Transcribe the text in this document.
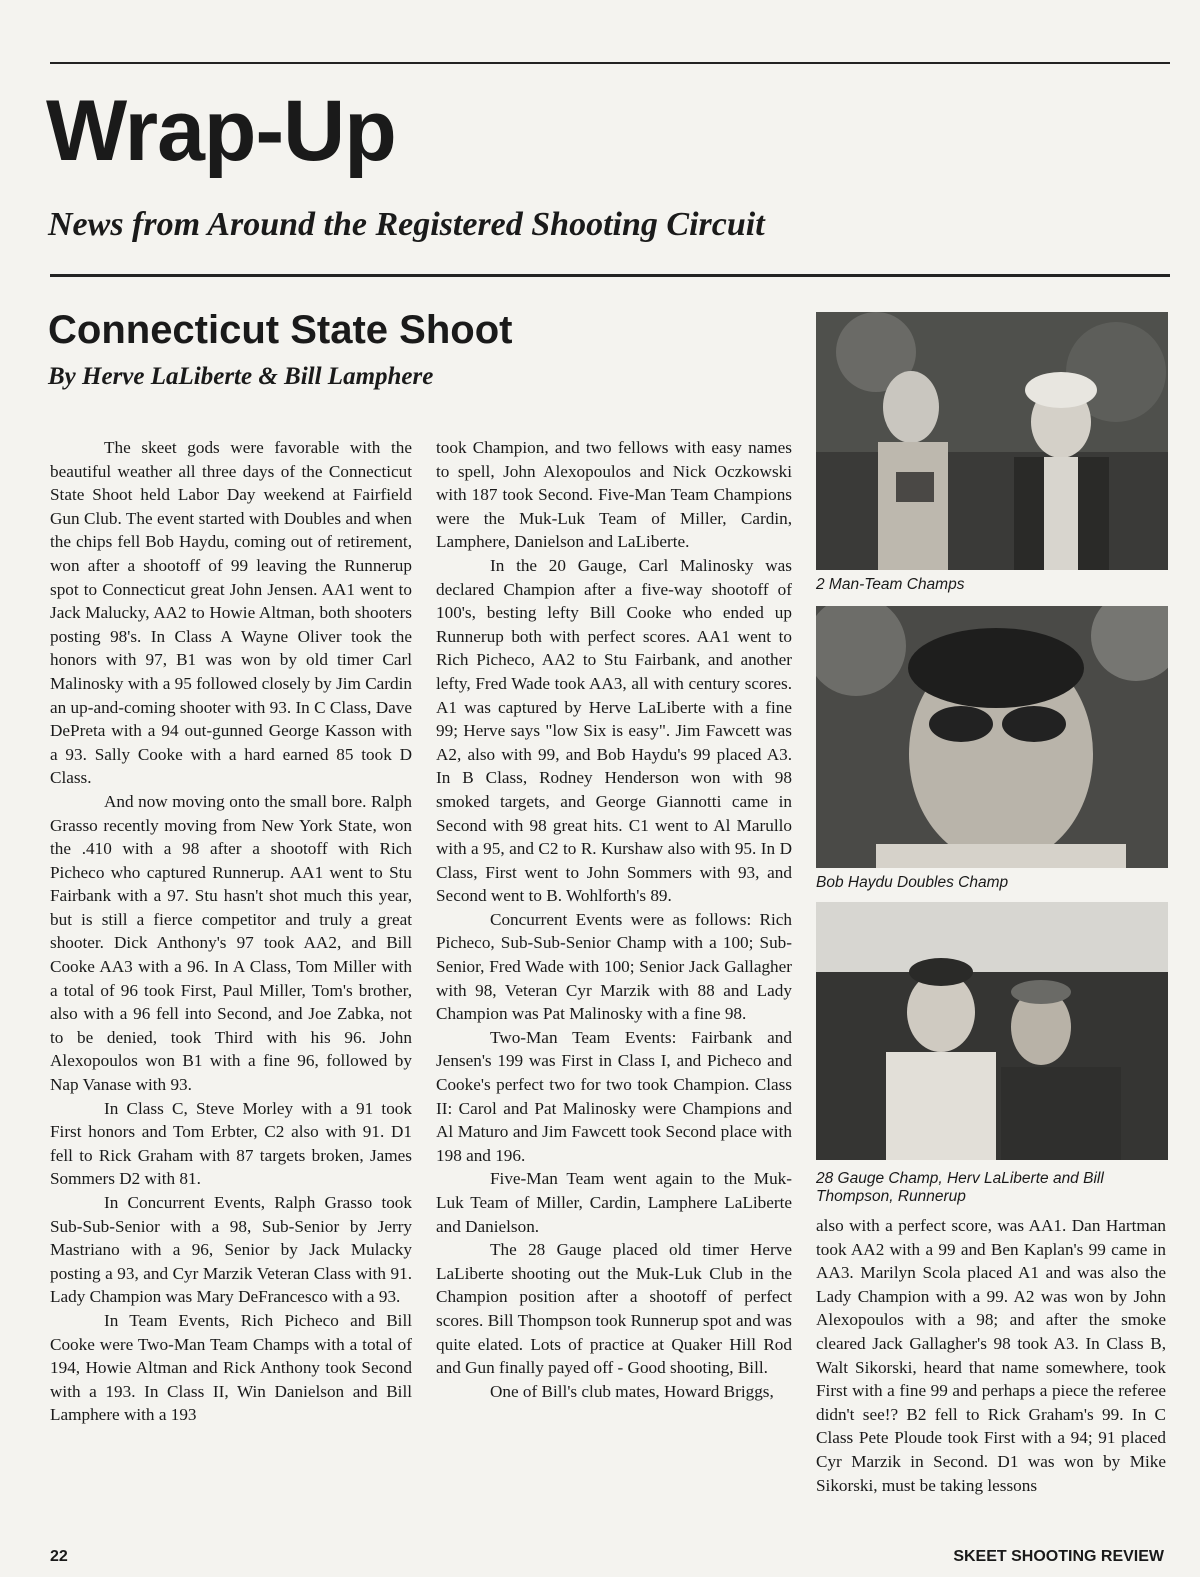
Wrap-Up
News from Around the Registered Shooting Circuit
Connecticut State Shoot

By Herve LaLiberte & Bill Lamphere

The skeet gods were favorable with the beautiful weather all three days of the Connecticut State Shoot held Labor Day weekend at Fairfield Gun Club. The event started with Doubles and when the chips fell Bob Haydu, coming out of retirement, won after a shootoff of 99 leaving the Runnerup spot to Connecticut great John Jensen. AA1 went to Jack Malucky, AA2 to Howie Altman, both shooters posting 98's. In Class A Wayne Oliver took the honors with 97, B1 was won by old timer Carl Malinosky with a 95 followed closely by Jim Cardin an up-and-coming shooter with 93. In C Class, Dave DePreta with a 94 out-gunned George Kasson with a 93. Sally Cooke with a hard earned 85 took D Class.

And now moving onto the small bore. Ralph Grasso recently moving from New York State, won the .410 with a 98 after a shootoff with Rich Picheco who captured Runnerup. AA1 went to Stu Fairbank with a 97. Stu hasn't shot much this year, but is still a fierce competitor and truly a great shooter. Dick Anthony's 97 took AA2, and Bill Cooke AA3 with a 96. In A Class, Tom Miller with a total of 96 took First, Paul Miller, Tom's brother, also with a 96 fell into Second, and Joe Zabka, not to be denied, took Third with his 96. John Alexopoulos won B1 with a fine 96, followed by Nap Vanase with 93.

In Class C, Steve Morley with a 91 took First honors and Tom Erbter, C2 also with 91. D1 fell to Rick Graham with 87 targets broken, James Sommers D2 with 81.

In Concurrent Events, Ralph Grasso took Sub-Sub-Senior with a 98, Sub-Senior by Jerry Mastriano with a 96, Senior by Jack Mulacky posting a 93, and Cyr Marzik Veteran Class with 91. Lady Champion was Mary DeFrancesco with a 93.

In Team Events, Rich Picheco and Bill Cooke were Two-Man Team Champs with a total of 194, Howie Altman and Rick Anthony took Second with a 193. In Class II, Win Danielson and Bill Lamphere with a 193

took Champion, and two fellows with easy names to spell, John Alexopoulos and Nick Oczkowski with 187 took Second. Five-Man Team Champions were the Muk-Luk Team of Miller, Cardin, Lamphere, Danielson and LaLiberte.

In the 20 Gauge, Carl Malinosky was declared Champion after a five-way shootoff of 100's, besting lefty Bill Cooke who ended up Runnerup both with perfect scores. AA1 went to Rich Picheco, AA2 to Stu Fairbank, and another lefty, Fred Wade took AA3, all with century scores. A1 was captured by Herve LaLiberte with a fine 99; Herve says "low Six is easy". Jim Fawcett was A2, also with 99, and Bob Haydu's 99 placed A3. In B Class, Rodney Henderson won with 98 smoked targets, and George Giannotti came in Second with 98 great hits. C1 went to Al Marullo with a 95, and C2 to R. Kurshaw also with 95. In D Class, First went to John Sommers with 93, and Second went to B. Wohlforth's 89.

Concurrent Events were as follows: Rich Picheco, Sub-Sub-Senior Champ with a 100; Sub-Senior, Fred Wade with 100; Senior Jack Gallagher with 98, Veteran Cyr Marzik with 88 and Lady Champion was Pat Malinosky with a fine 98.

Two-Man Team Events: Fairbank and Jensen's 199 was First in Class I, and Picheco and Cooke's perfect two for two took Champion. Class II: Carol and Pat Malinosky were Champions and Al Maturo and Jim Fawcett took Second place with 198 and 196.

Five-Man Team went again to the Muk-Luk Team of Miller, Cardin, Lamphere LaLiberte and Danielson.

The 28 Gauge placed old timer Herve LaLiberte shooting out the Muk-Luk Club in the Champion position after a shootoff of perfect scores. Bill Thompson took Runnerup spot and was quite elated. Lots of practice at Quaker Hill Rod and Gun finally payed off - Good shooting, Bill.

One of Bill's club mates, Howard Briggs,

2 Man-Team Champs

Bob Haydu Doubles Champ

28 Gauge Champ, Herv LaLiberte and Bill Thompson, Runnerup

also with a perfect score, was AA1. Dan Hartman took AA2 with a 99 and Ben Kaplan's 99 came in AA3. Marilyn Scola placed A1 and was also the Lady Champion with a 99. A2 was won by John Alexopoulos with a 98; and after the smoke cleared Jack Gallagher's 98 took A3. In Class B, Walt Sikorski, heard that name somewhere, took First with a fine 99 and perhaps a piece the referee didn't see!? B2 fell to Rick Graham's 99. In C Class Pete Ploude took First with a 94; 91 placed Cyr Marzik in Second. D1 was won by Mike Sikorski, must be taking lessons

22	SKEET SHOOTING REVIEW
